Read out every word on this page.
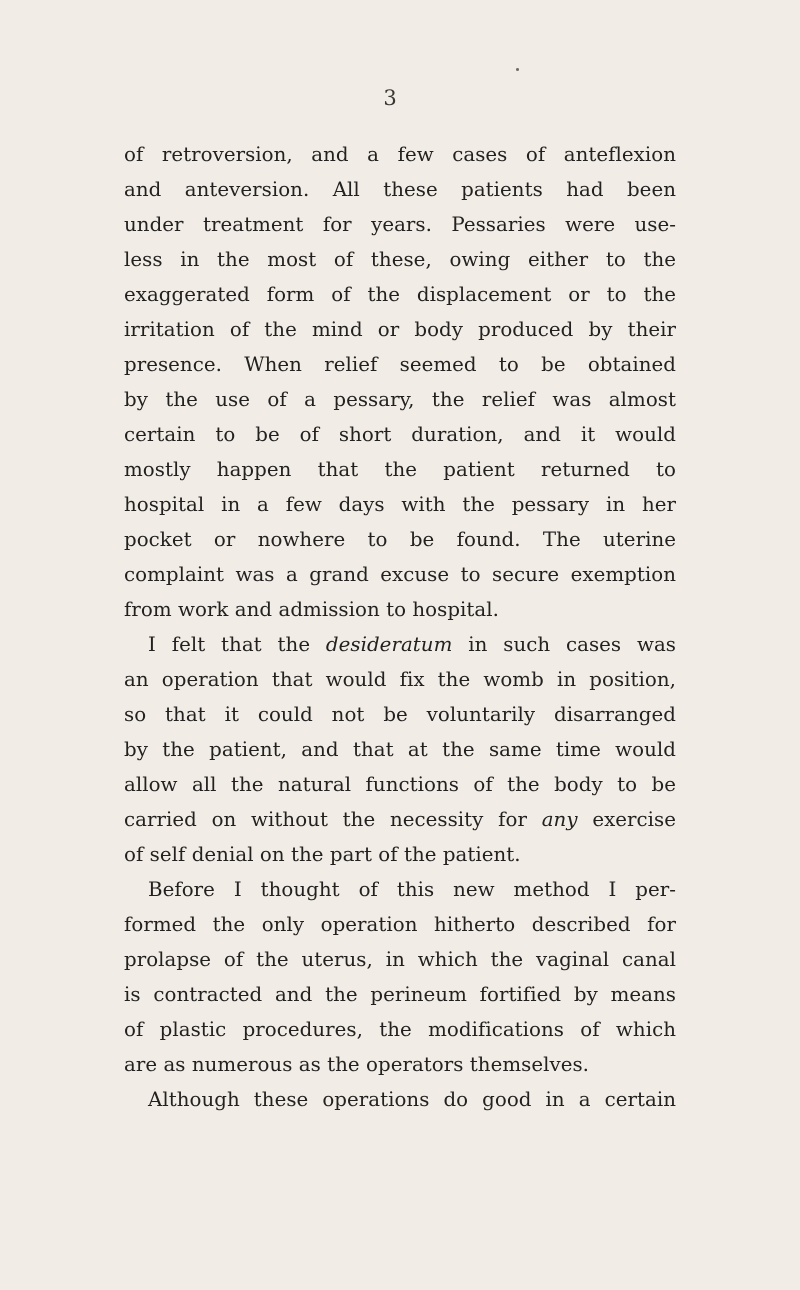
3
of retroversion, and a few cases of anteflexion
and anteversion. All these patients had been
under treatment for years. Pessaries were use-
less in the most of these, owing either to the
exaggerated form of the displacement or to the
irritation of the mind or body produced by their
presence. When relief seemed to be obtained
by the use of a pessary, the relief was almost
certain to be of short duration, and it would
mostly happen that the patient returned to
hospital in a few days with the pessary in her
pocket or nowhere to be found. The uterine
complaint was a grand excuse to secure exemption
from work and admission to hospital.
I felt that the desideratum in such cases was
an operation that would fix the womb in position,
so that it could not be voluntarily disarranged
by the patient, and that at the same time would
allow all the natural functions of the body to be
carried on without the necessity for any exercise
of self denial on the part of the patient.
Before I thought of this new method I per-
formed the only operation hitherto described for
prolapse of the uterus, in which the vaginal canal
is contracted and the perineum fortified by means
of plastic procedures, the modifications of which
are as numerous as the operators themselves.
Although these operations do good in a certain
